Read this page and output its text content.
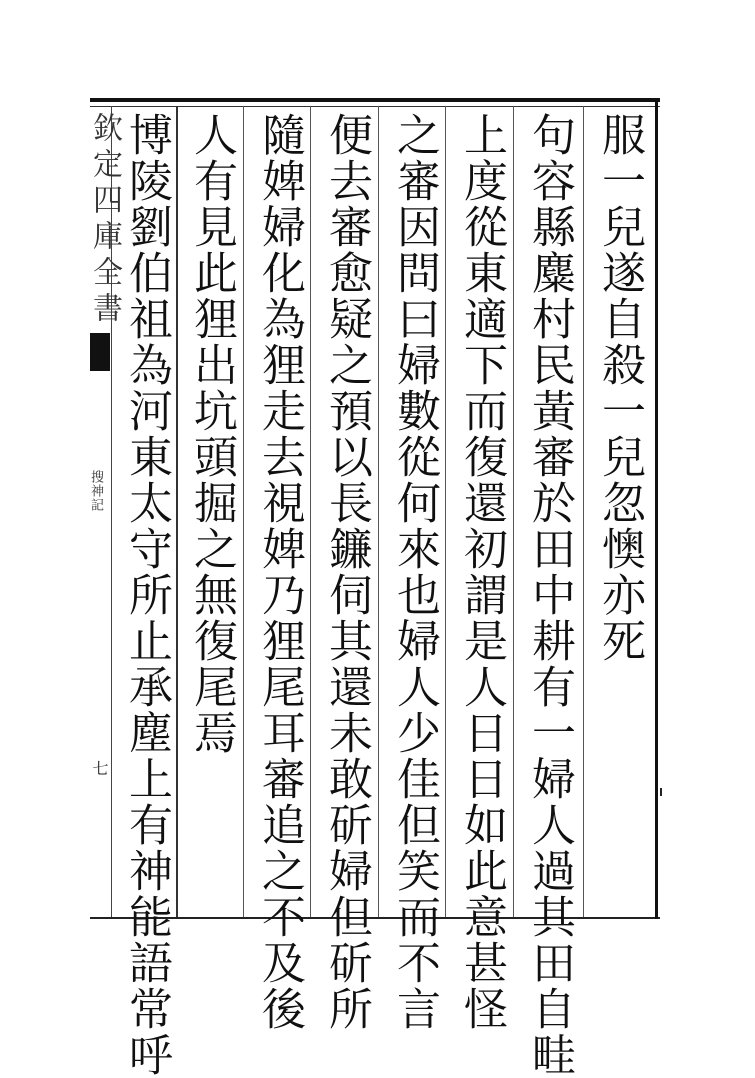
服一兒遂自殺一兒忽懊亦死
句容縣麋村民黃審於田中耕有一婦人過其田自畦
上度從東適下而復還初謂是人日日如此意甚怪
之審因問曰婦數從何來也婦人少佳但笑而不言
便去審愈疑之預以長鐮伺其還未敢斫婦但斫所
隨婢婦化為狸走去視婢乃狸尾耳審追之不及後
人有見此狸出坑頭掘之無復尾焉
博陵劉伯祖為河東太守所止承塵上有神能語常呼
欽定四庫全書
搜神記
七
